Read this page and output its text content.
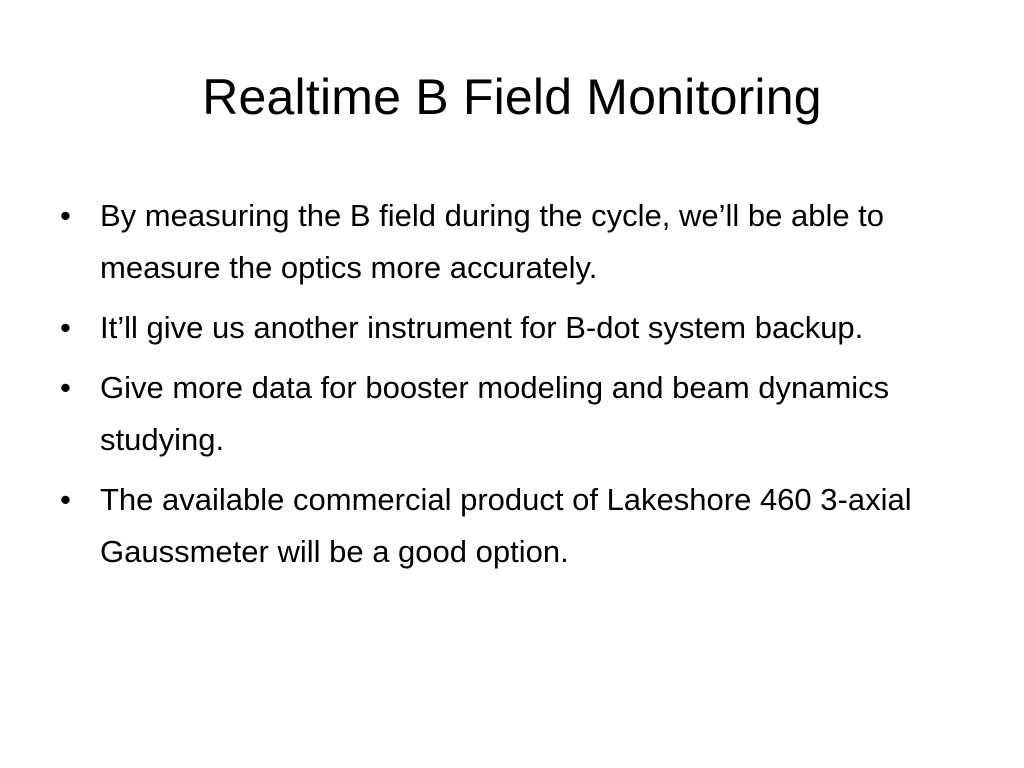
Realtime B Field Monitoring
• By measuring the B field during the cycle, we’ll be able to measure the optics more accurately.
• It’ll give us another instrument for B-dot system backup.
• Give more data for booster modeling and beam dynamics studying.
• The available commercial product of Lakeshore 460 3-axial Gaussmeter will be a good option.
